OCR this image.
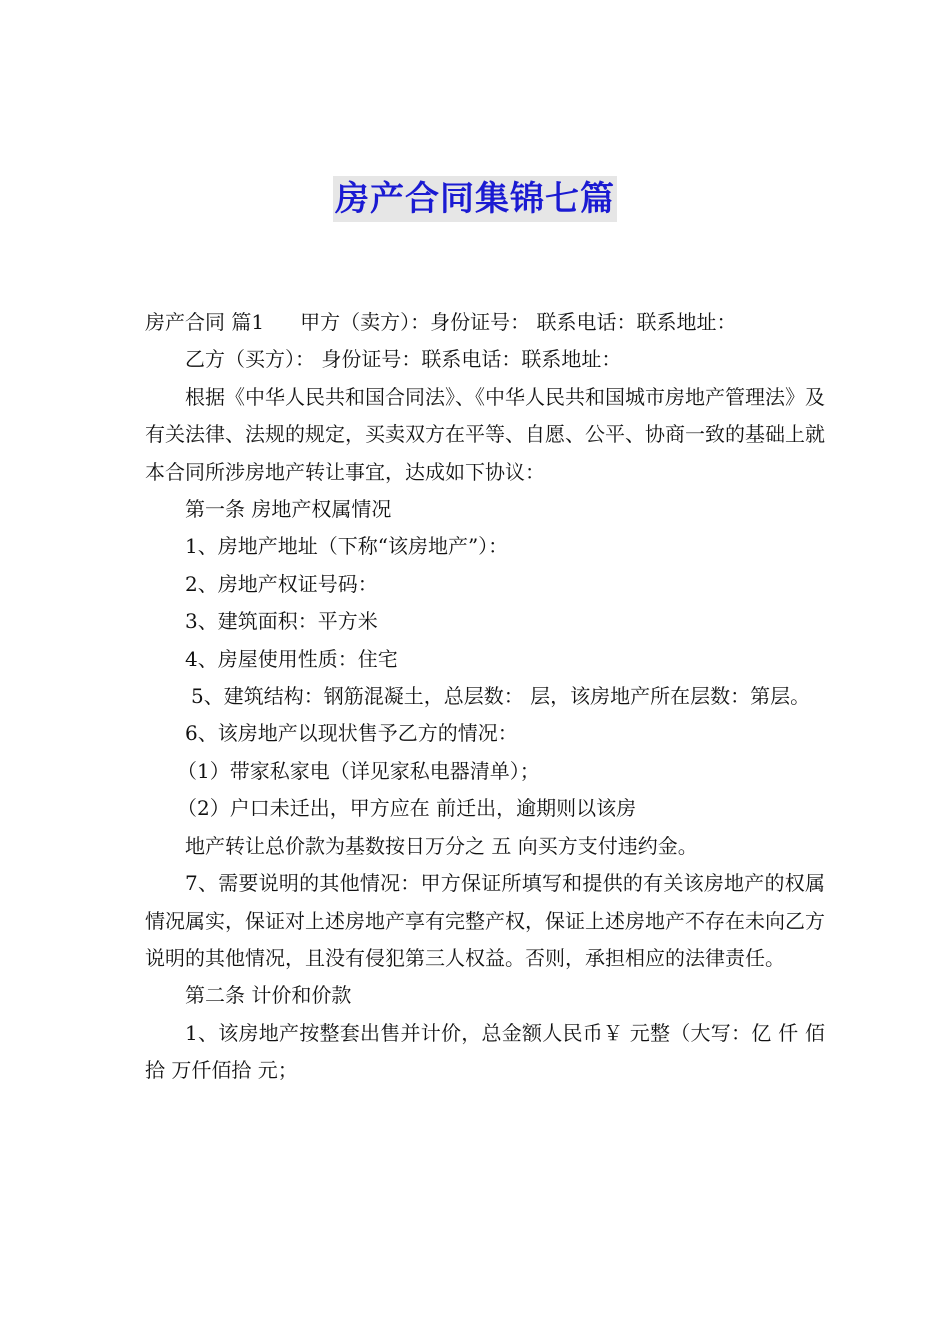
房产合同集锦七篇

房产合同 篇1 甲方（卖方）：身份证号： 联系电话：联系地址：

乙方（买方）： 身份证号：联系电话：联系地址：

根据《中华人民共和国合同法》、《中华人民共和国城市房地产管理法》及有关法律、法规的规定，买卖双方在平等、自愿、公平、协商一致的基础上就本合同所涉房地产转让事宜，达成如下协议：

第一条 房地产权属情况

1、房地产地址（下称“该房地产”）：

2、房地产权证号码：

3、建筑面积：平方米

4、房屋使用性质：住宅

5、建筑结构：钢筋混凝土，总层数： 层，该房地产所在层数：第层。

6、该房地产以现状售予乙方的情况：

（1）带家私家电（详见家私电器清单）；

（2）户口未迁出，甲方应在 前迁出，逾期则以该房

地产转让总价款为基数按日万分之 五 向买方支付违约金。

7、需要说明的其他情况：甲方保证所填写和提供的有关该房地产的权属情况属实，保证对上述房地产享有完整产权，保证上述房地产不存在未向乙方说明的其他情况，且没有侵犯第三人权益。否则，承担相应的法律责任。

第二条 计价和价款

1、该房地产按整套出售并计价，总金额人民币￥ 元整（大写：亿 仟 佰 拾 万仟佰拾 元；
